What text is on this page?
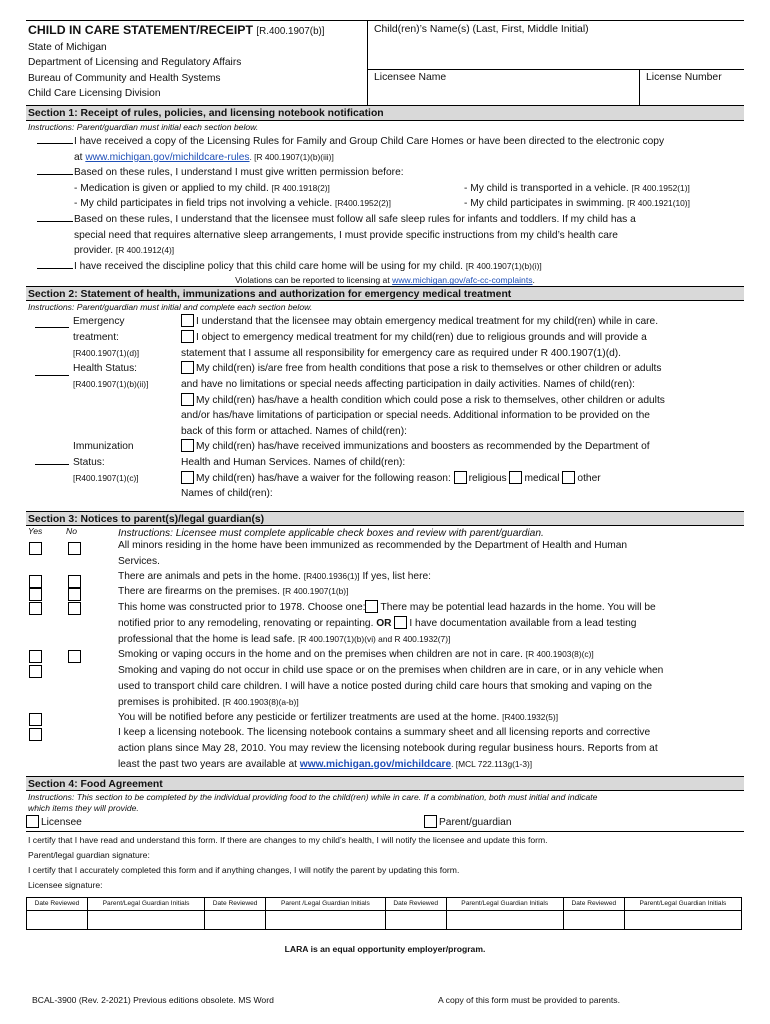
CHILD IN CARE STATEMENT/RECEIPT [R.400.1907(b)]
State of Michigan
Department of Licensing and Regulatory Affairs
Bureau of Community and Health Systems
Child Care Licensing Division
Child(ren)’s Name(s) (Last, First, Middle Initial)
Licensee Name	License Number
Section 1: Receipt of rules, policies, and licensing notebook notification
Instructions: Parent/guardian must initial each section below.
I have received a copy of the Licensing Rules for Family and Group Child Care Homes or have been directed to the electronic copy
at www.michigan.gov/michildcare-rules. [R 400.1907(1)(b)(iii)]
Based on these rules, I understand I must give written permission before:
- Medication is given or applied to my child. [R 400.1918(2)]	- My child is transported in a vehicle. [R 400.1952(1)]
- My child participates in field trips not involving a vehicle. [R400.1952(2)]	- My child participates in swimming. [R 400.1921(10)]
Based on these rules, I understand that the licensee must follow all safe sleep rules for infants and toddlers. If my child has a
special need that requires alternative sleep arrangements, I must provide specific instructions from my child’s health care
provider. [R 400.1912(4)]
I have received the discipline policy that this child care home will be using for my child. [R 400.1907(1)(b)(i)]
Violations can be reported to licensing at www.michigan.gov/afc-cc-complaints.
Section 2: Statement of health, immunizations and authorization for emergency medical treatment
Instructions: Parent/guardian must initial and complete each section below.
Emergency
treatment:
[R400.1907(1)(d)]
I understand that the licensee may obtain emergency medical treatment for my child(ren) while in care.
I object to emergency medical treatment for my child(ren) due to religious grounds and will provide a
statement that I assume all responsibility for emergency care as required under R 400.1907(1)(d).
Health Status:
[R400.1907(1)(b)(ii)]
My child(ren) is/are free from health conditions that pose a risk to themselves or other children or adults
and have no limitations or special needs affecting participation in daily activities. Names of child(ren):
My child(ren) has/have a health condition which could pose a risk to themselves, other children or adults
and/or has/have limitations of participation or special needs. Additional information to be provided on the
back of this form or attached. Names of child(ren):
Immunization
Status:
[R400.1907(1)(c)]
My child(ren) has/have received immunizations and boosters as recommended by the Department of
Health and Human Services. Names of child(ren):
My child(ren) has/have a waiver for the following reason: religious medical other
Names of child(ren):
Section 3: Notices to parent(s)/legal guardian(s)
Yes	No	Instructions: Licensee must complete applicable check boxes and review with parent/guardian.
All minors residing in the home have been immunized as recommended by the Department of Health and Human
Services.
There are animals and pets in the home. [R400.1936(1)] If yes, list here:
There are firearms on the premises. [R 400.1907(1(b)]
This home was constructed prior to 1978. Choose one: There may be potential lead hazards in the home. You will be
notified prior to any remodeling, renovating or repainting. OR I have documentation available from a lead testing
professional that the home is lead safe. [R 400.1907(1)(b)(vi) and R 400.1932(7)]
Smoking or vaping occurs in the home and on the premises when children are not in care. [R 400.1903(8)(c)]
Smoking and vaping do not occur in child use space or on the premises when children are in care, or in any vehicle when
used to transport child care children. I will have a notice posted during child care hours that smoking and vaping on the
premises is prohibited. [R 400.1903(8)(a-b)]
You will be notified before any pesticide or fertilizer treatments are used at the home. [R400.1932(5)]
I keep a licensing notebook. The licensing notebook contains a summary sheet and all licensing reports and corrective
action plans since May 28, 2010. You may review the licensing notebook during regular business hours. Reports from at
least the past two years are available at www.michigan.gov/michildcare. [MCL 722.113g(1-3)]
Section 4: Food Agreement
Instructions: This section to be completed by the individual providing food to the child(ren) while in care. If a combination, both must initial and indicate
which items they will provide.
Licensee	Parent/guardian
I certify that I have read and understand this form. If there are changes to my child’s health, I will notify the licensee and update this form.
Parent/legal guardian signature:
I certify that I accurately completed this form and if anything changes, I will notify the parent by updating this form.
Licensee signature:
Date Reviewed	Parent/Legal Guardian Initials	Date Reviewed	Parent /Legal Guardian Initials	Date Reviewed	Parent/Legal Guardian Initials	Date Reviewed	Parent/Legal Guardian Initials

LARA is an equal opportunity employer/program.
BCAL-3900 (Rev. 2-2021) Previous editions obsolete. MS Word	A copy of this form must be provided to parents.
